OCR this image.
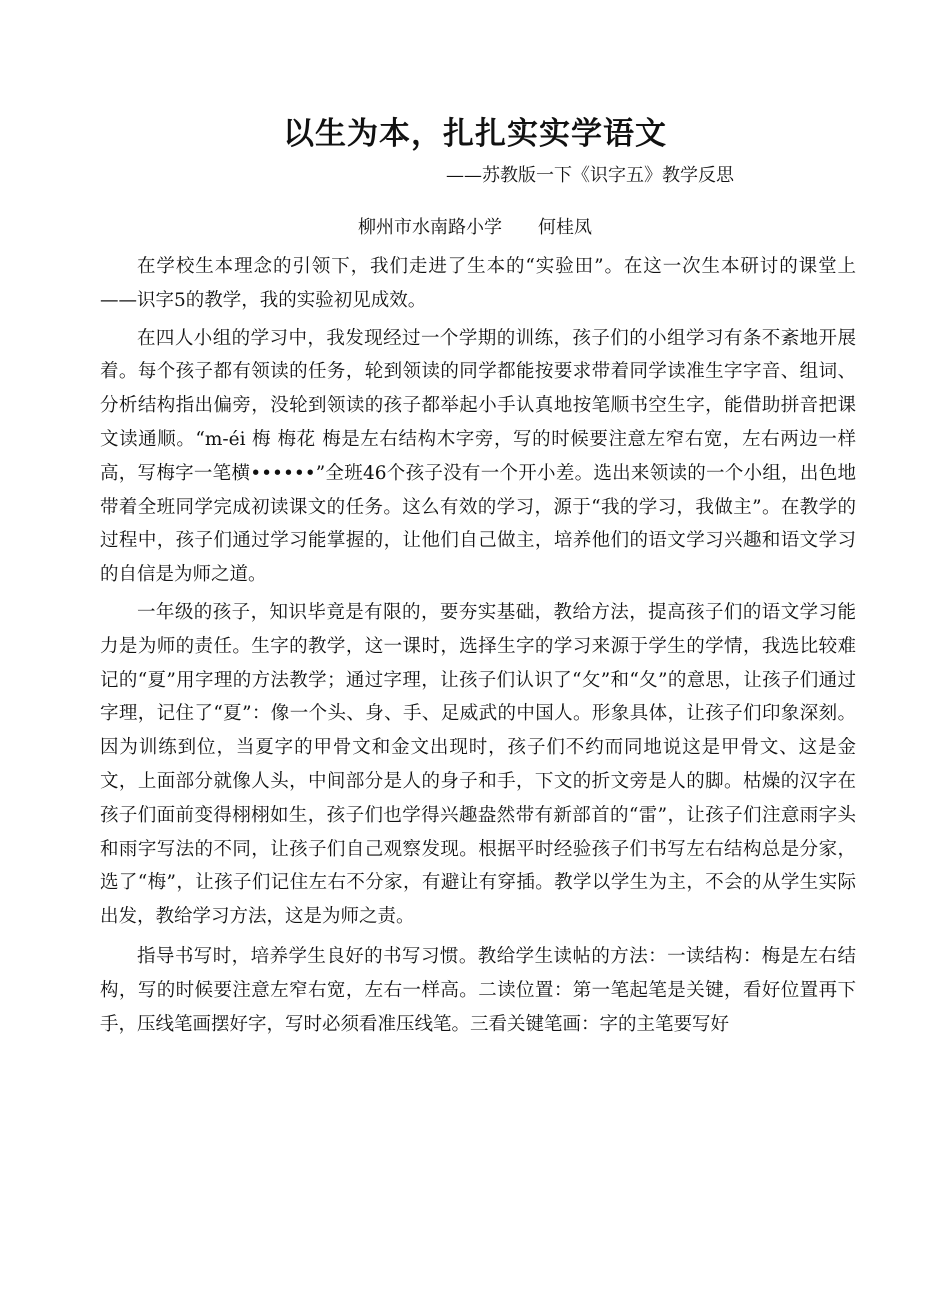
以生为本，扎扎实实学语文
——苏教版一下《识字五》教学反思
柳州市水南路小学 何桂凤

在学校生本理念的引领下，我们走进了生本的“实验田”。在这一次生本研讨的课堂上——识字5的教学，我的实验初见成效。

在四人小组的学习中，我发现经过一个学期的训练，孩子们的小组学习有条不紊地开展着。每个孩子都有领读的任务，轮到领读的同学都能按要求带着同学读准生字字音、组词、分析结构指出偏旁，没轮到领读的孩子都举起小手认真地按笔顺书空生字，能借助拼音把课文读通顺。“m-éi 梅 梅花 梅是左右结构木字旁，写的时候要注意左窄右宽，左右两边一样高，写梅字一笔横••••••”全班46个孩子没有一个开小差。选出来领读的一个小组，出色地带着全班同学完成初读课文的任务。这么有效的学习，源于“我的学习，我做主”。在教学的过程中，孩子们通过学习能掌握的，让他们自己做主，培养他们的语文学习兴趣和语文学习的自信是为师之道。

一年级的孩子，知识毕竟是有限的，要夯实基础，教给方法，提高孩子们的语文学习能力是为师的责任。生字的教学，这一课时，选择生字的学习来源于学生的学情，我选比较难记的“夏”用字理的方法教学；通过字理，让孩子们认识了“攵”和“夂”的意思，让孩子们通过字理，记住了“夏”：像一个头、身、手、足威武的中国人。形象具体，让孩子们印象深刻。因为训练到位，当夏字的甲骨文和金文出现时，孩子们不约而同地说这是甲骨文、这是金文，上面部分就像人头，中间部分是人的身子和手，下文的折文旁是人的脚。枯燥的汉字在孩子们面前变得栩栩如生，孩子们也学得兴趣盎然带有新部首的“雷”，让孩子们注意雨字头和雨字写法的不同，让孩子们自己观察发现。根据平时经验孩子们书写左右结构总是分家，选了“梅”，让孩子们记住左右不分家，有避让有穿插。教学以学生为主，不会的从学生实际出发，教给学习方法，这是为师之责。

指导书写时，培养学生良好的书写习惯。教给学生读帖的方法：一读结构：梅是左右结构，写的时候要注意左窄右宽，左右一样高。二读位置：第一笔起笔是关键，看好位置再下手，压线笔画摆好字，写时必须看准压线笔。三看关键笔画：字的主笔要写好
